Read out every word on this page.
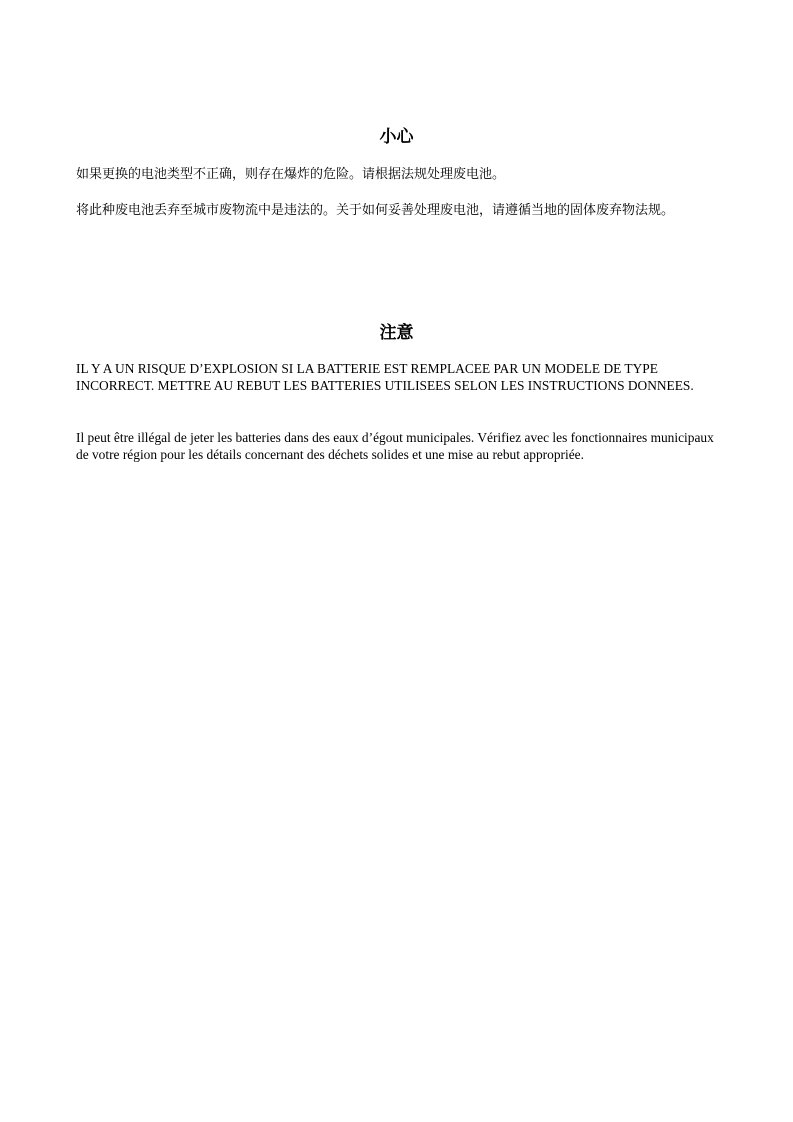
小心

如果更换的电池类型不正确，则存在爆炸的危险。请根据法规处理废电池。

将此种废电池丢弃至城市废物流中是违法的。关于如何妥善处理废电池，请遵循当地的固体废弃物法规。

注意

IL Y A UN RISQUE D’EXPLOSION SI LA BATTERIE EST REMPLACEE PAR UN MODELE DE TYPE INCORRECT. METTRE AU REBUT LES BATTERIES UTILISEES SELON LES INSTRUCTIONS DONNEES.

Il peut être illégal de jeter les batteries dans des eaux d’égout municipales. Vérifiez avec les fonctionnaires municipaux de votre région pour les détails concernant des déchets solides et une mise au rebut appropriée.
